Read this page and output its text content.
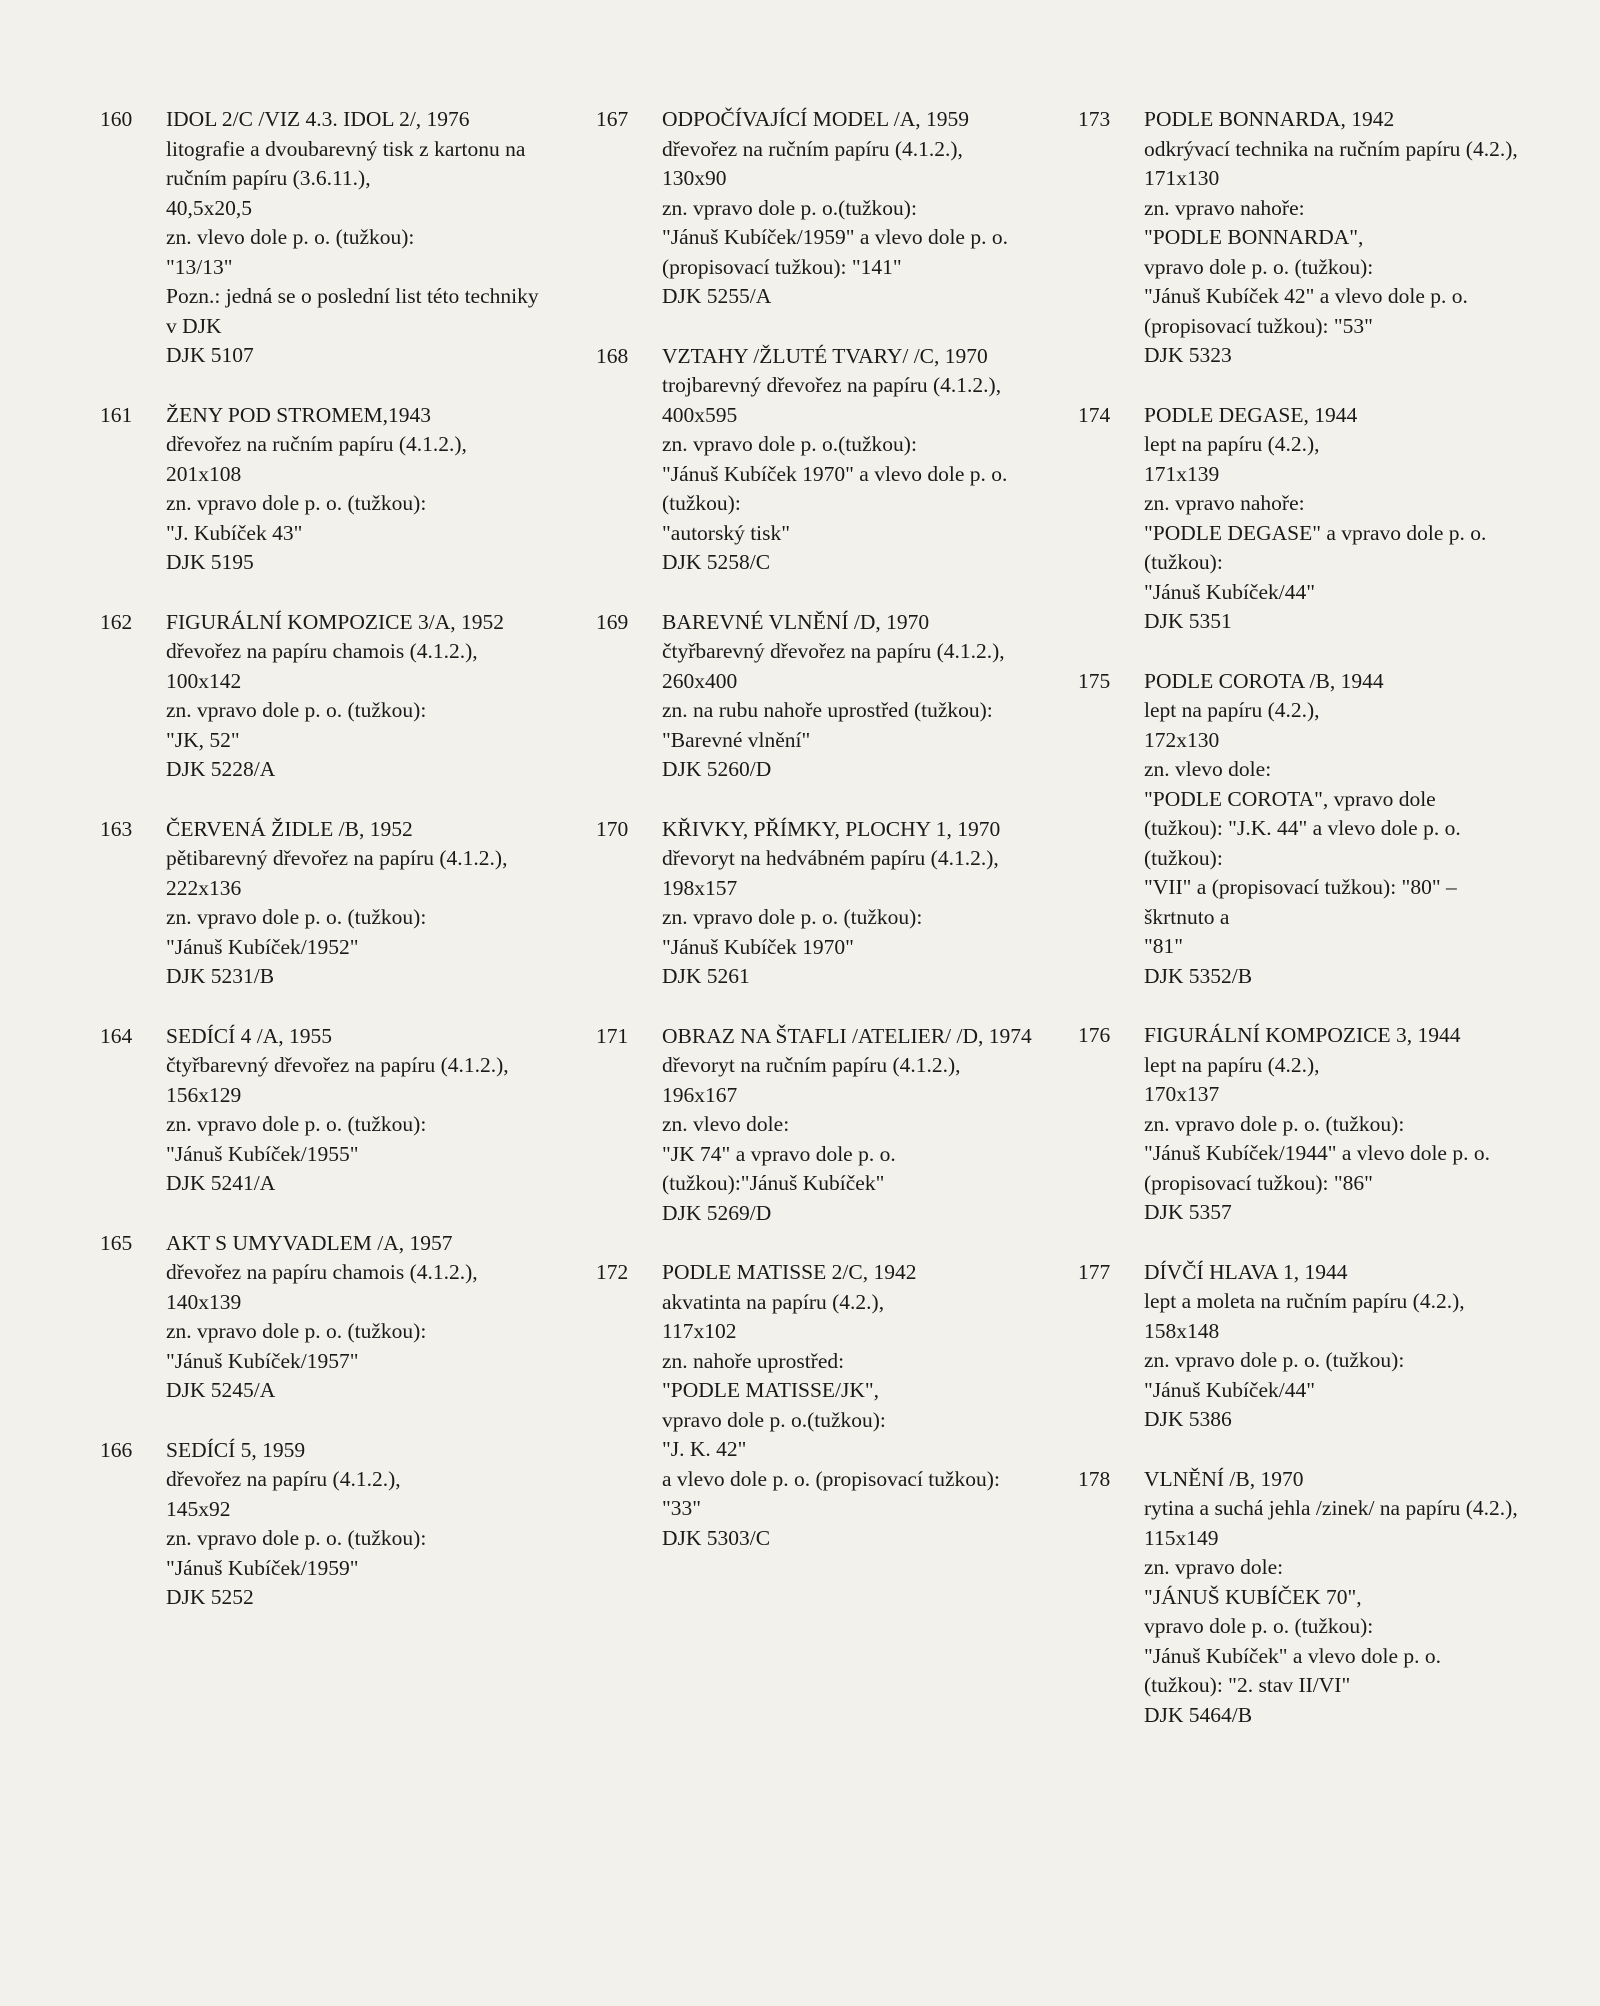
160	IDOL 2/C /VIZ 4.3. IDOL 2/, 1976
litografie a dvoubarevný tisk z kartonu na ručním papíru (3.6.11.),
40,5x20,5
zn. vlevo dole p. o. (tužkou):
"13/13"
Pozn.: jedná se o poslední list této techniky v DJK
DJK 5107
161	ŽENY POD STROMEM,1943
dřevořez na ručním papíru (4.1.2.),
201x108
zn. vpravo dole p. o. (tužkou):
"J. Kubíček 43"
DJK 5195
162	FIGURÁLNÍ KOMPOZICE 3/A, 1952
dřevořez na papíru chamois (4.1.2.),
100x142
zn. vpravo dole p. o. (tužkou):
"JK, 52"
DJK 5228/A
163	ČERVENÁ ŽIDLE /B, 1952
pětibarevný dřevořez na papíru (4.1.2.),
222x136
zn. vpravo dole p. o. (tužkou):
"Jánuš Kubíček/1952"
DJK 5231/B
164	SEDÍCÍ 4 /A, 1955
čtyřbarevný dřevořez na papíru (4.1.2.),
156x129
zn. vpravo dole p. o. (tužkou):
"Jánuš Kubíček/1955"
DJK 5241/A
165	AKT S UMYVADLEM /A, 1957
dřevořez na papíru chamois (4.1.2.),
140x139
zn. vpravo dole p. o. (tužkou):
"Jánuš Kubíček/1957"
DJK 5245/A
166	SEDÍCÍ 5, 1959
dřevořez na papíru (4.1.2.),
145x92
zn. vpravo dole p. o. (tužkou):
"Jánuš Kubíček/1959"
DJK 5252
167	ODPOČÍVAJÍCÍ MODEL /A, 1959
dřevořez na ručním papíru (4.1.2.),
130x90
zn. vpravo dole p. o.(tužkou):
"Jánuš Kubíček/1959" a vlevo dole p. o. (propisovací tužkou): "141"
DJK 5255/A
168	VZTAHY /ŽLUTÉ TVARY/ /C, 1970
trojbarevný dřevořez na papíru (4.1.2.), 400x595
zn. vpravo dole p. o.(tužkou):
"Jánuš Kubíček 1970" a vlevo dole p. o. (tužkou):
"autorský tisk"
DJK 5258/C
169	BAREVNÉ VLNĚNÍ /D, 1970
čtyřbarevný dřevořez na papíru (4.1.2.),
260x400
zn. na rubu nahoře uprostřed (tužkou): "Barevné vlnění"
DJK 5260/D
170	KŘIVKY, PŘÍMKY, PLOCHY 1, 1970
dřevoryt na hedvábném papíru (4.1.2.),
198x157
zn. vpravo dole p. o. (tužkou):
"Jánuš Kubíček 1970"
DJK 5261
171	OBRAZ NA ŠTAFLI /ATELIER/ /D, 1974
dřevoryt na ručním papíru (4.1.2.),
196x167
zn. vlevo dole:
"JK 74" a vpravo dole p. o. (tužkou):"Jánuš Kubíček"
DJK 5269/D
172	PODLE MATISSE 2/C, 1942
akvatinta na papíru (4.2.),
117x102
zn. nahoře uprostřed:
"PODLE MATISSE/JK",
vpravo dole p. o.(tužkou):
"J. K. 42"
a vlevo dole p. o. (propisovací tužkou): "33"
DJK 5303/C
173	PODLE BONNARDA, 1942
odkrývací technika na ručním papíru (4.2.),
171x130
zn. vpravo nahoře:
"PODLE BONNARDA",
vpravo dole p. o. (tužkou):
"Jánuš Kubíček 42" a vlevo dole p. o. (propisovací tužkou): "53"
DJK 5323
174	PODLE DEGASE, 1944
lept na papíru (4.2.),
171x139
zn. vpravo nahoře:
"PODLE DEGASE" a vpravo dole p. o. (tužkou):
"Jánuš Kubíček/44"
DJK 5351
175	PODLE COROTA /B, 1944
lept na papíru (4.2.),
172x130
zn. vlevo dole:
"PODLE COROTA", vpravo dole (tužkou): "J.K. 44" a vlevo dole p. o. (tužkou):
"VII" a (propisovací tužkou): "80" – škrtnuto a
"81"
DJK 5352/B
176	FIGURÁLNÍ KOMPOZICE 3, 1944
lept na papíru (4.2.),
170x137
zn. vpravo dole p. o. (tužkou):
"Jánuš Kubíček/1944" a vlevo dole p. o. (propisovací tužkou): "86"
DJK 5357
177	DÍVČÍ HLAVA 1, 1944
lept a moleta na ručním papíru (4.2.),
158x148
zn. vpravo dole p. o. (tužkou):
"Jánuš Kubíček/44"
DJK 5386
178	VLNĚNÍ /B, 1970
rytina a suchá jehla /zinek/ na papíru (4.2.),
115x149
zn. vpravo dole:
"JÁNUŠ KUBÍČEK 70",
vpravo dole p. o. (tužkou):
"Jánuš Kubíček" a vlevo dole p. o. (tužkou): "2. stav II/VI"
DJK 5464/B
